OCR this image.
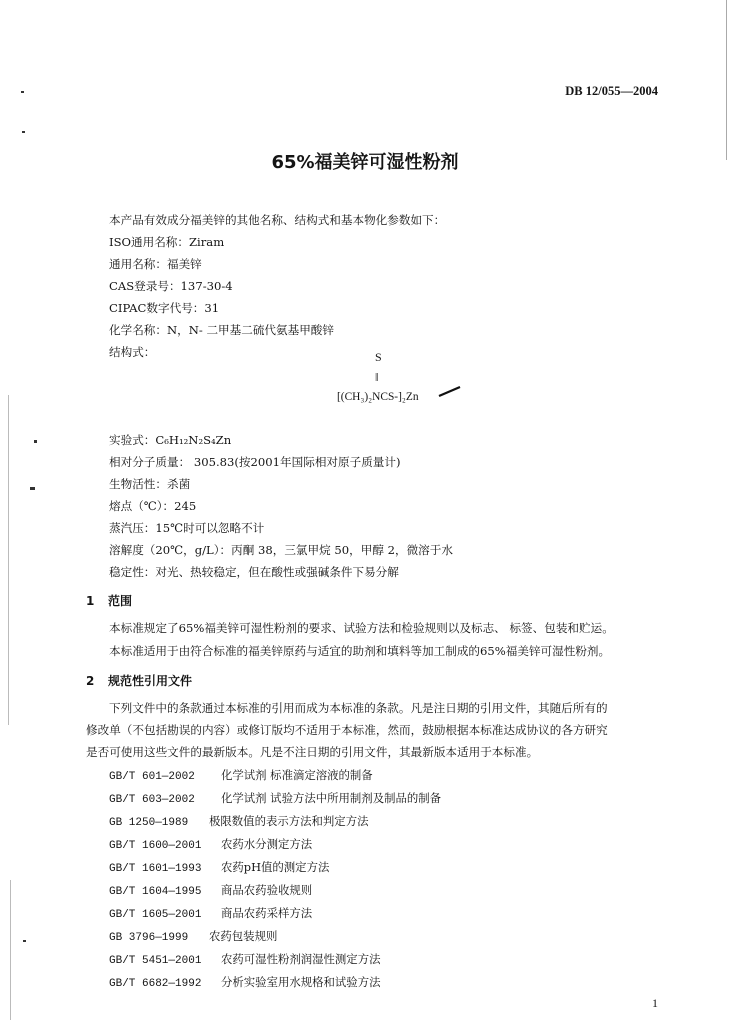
DB 12/055—2004
65%福美锌可湿性粉剂
本产品有效成分福美锌的其他名称、结构式和基本物化参数如下：
ISO通用名称：Ziram
通用名称：福美锌
CAS登录号：137-30-4
CIPAC数字代号：31
化学名称：N，N- 二甲基二硫代氨基甲酸锌
结构式：	S
‖
[(CH₃)₂NCS-]₂Zn
实验式：C₆H₁₂N₂S₄Zn
相对分子质量： 305.83(按2001年国际相对原子质量计)
生物活性：杀菌
熔点（℃）：245
蒸汽压：15℃时可以忽略不计
溶解度（20℃，g/L）：丙酮 38，三氯甲烷 50，甲醇 2，微溶于水
稳定性：对光、热较稳定，但在酸性或强碱条件下易分解
1 范围
本标准规定了65%福美锌可湿性粉剂的要求、试验方法和检验规则以及标志、 标签、包装和贮运。
本标准适用于由符合标准的福美锌原药与适宜的助剂和填料等加工制成的65%福美锌可湿性粉剂。
2 规范性引用文件
下列文件中的条款通过本标准的引用而成为本标准的条款。凡是注日期的引用文件，其随后所有的
修改单（不包括勘误的内容）或修订版均不适用于本标准，然而，鼓励根据本标准达成协议的各方研究
是否可使用这些文件的最新版本。凡是不注日期的引用文件，其最新版本适用于本标准。
GB/T 601—2002 化学试剂 标准滴定溶液的制备
GB/T 603—2002 化学试剂 试验方法中所用制剂及制品的制备
GB 1250—1989 极限数值的表示方法和判定方法
GB/T 1600—2001 农药水分测定方法
GB/T 1601—1993 农药pH值的测定方法
GB/T 1604—1995 商品农药验收规则
GB/T 1605—2001 商品农药采样方法
GB 3796—1999 农药包装规则
GB/T 5451—2001 农药可湿性粉剂润湿性测定方法
GB/T 6682—1992 分析实验室用水规格和试验方法
1
